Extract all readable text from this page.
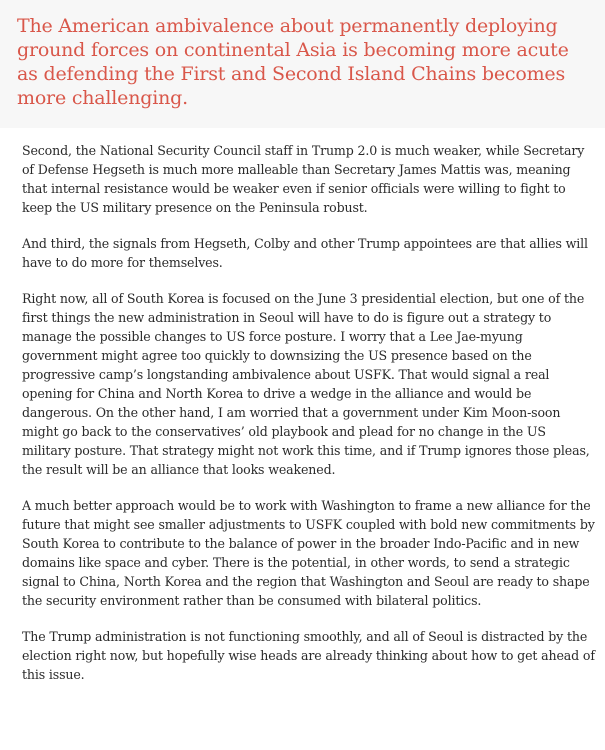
The American ambivalence about permanently deploying ground forces on continental Asia is becoming more acute as defending the First and Second Island Chains becomes more challenging.

Second, the National Security Council staff in Trump 2.0 is much weaker, while Secretary of Defense Hegseth is much more malleable than Secretary James Mattis was, meaning that internal resistance would be weaker even if senior officials were willing to fight to keep the US military presence on the Peninsula robust.

And third, the signals from Hegseth, Colby and other Trump appointees are that allies will have to do more for themselves.

Right now, all of South Korea is focused on the June 3 presidential election, but one of the first things the new administration in Seoul will have to do is figure out a strategy to manage the possible changes to US force posture. I worry that a Lee Jae-myung government might agree too quickly to downsizing the US presence based on the progressive camp’s longstanding ambivalence about USFK. That would signal a real opening for China and North Korea to drive a wedge in the alliance and would be dangerous. On the other hand, I am worried that a government under Kim Moon-soon might go back to the conservatives’ old playbook and plead for no change in the US military posture. That strategy might not work this time, and if Trump ignores those pleas, the result will be an alliance that looks weakened.

A much better approach would be to work with Washington to frame a new alliance for the future that might see smaller adjustments to USFK coupled with bold new commitments by South Korea to contribute to the balance of power in the broader Indo-Pacific and in new domains like space and cyber. There is the potential, in other words, to send a strategic signal to China, North Korea and the region that Washington and Seoul are ready to shape the security environment rather than be consumed with bilateral politics.

The Trump administration is not functioning smoothly, and all of Seoul is distracted by the election right now, but hopefully wise heads are already thinking about how to get ahead of this issue.
